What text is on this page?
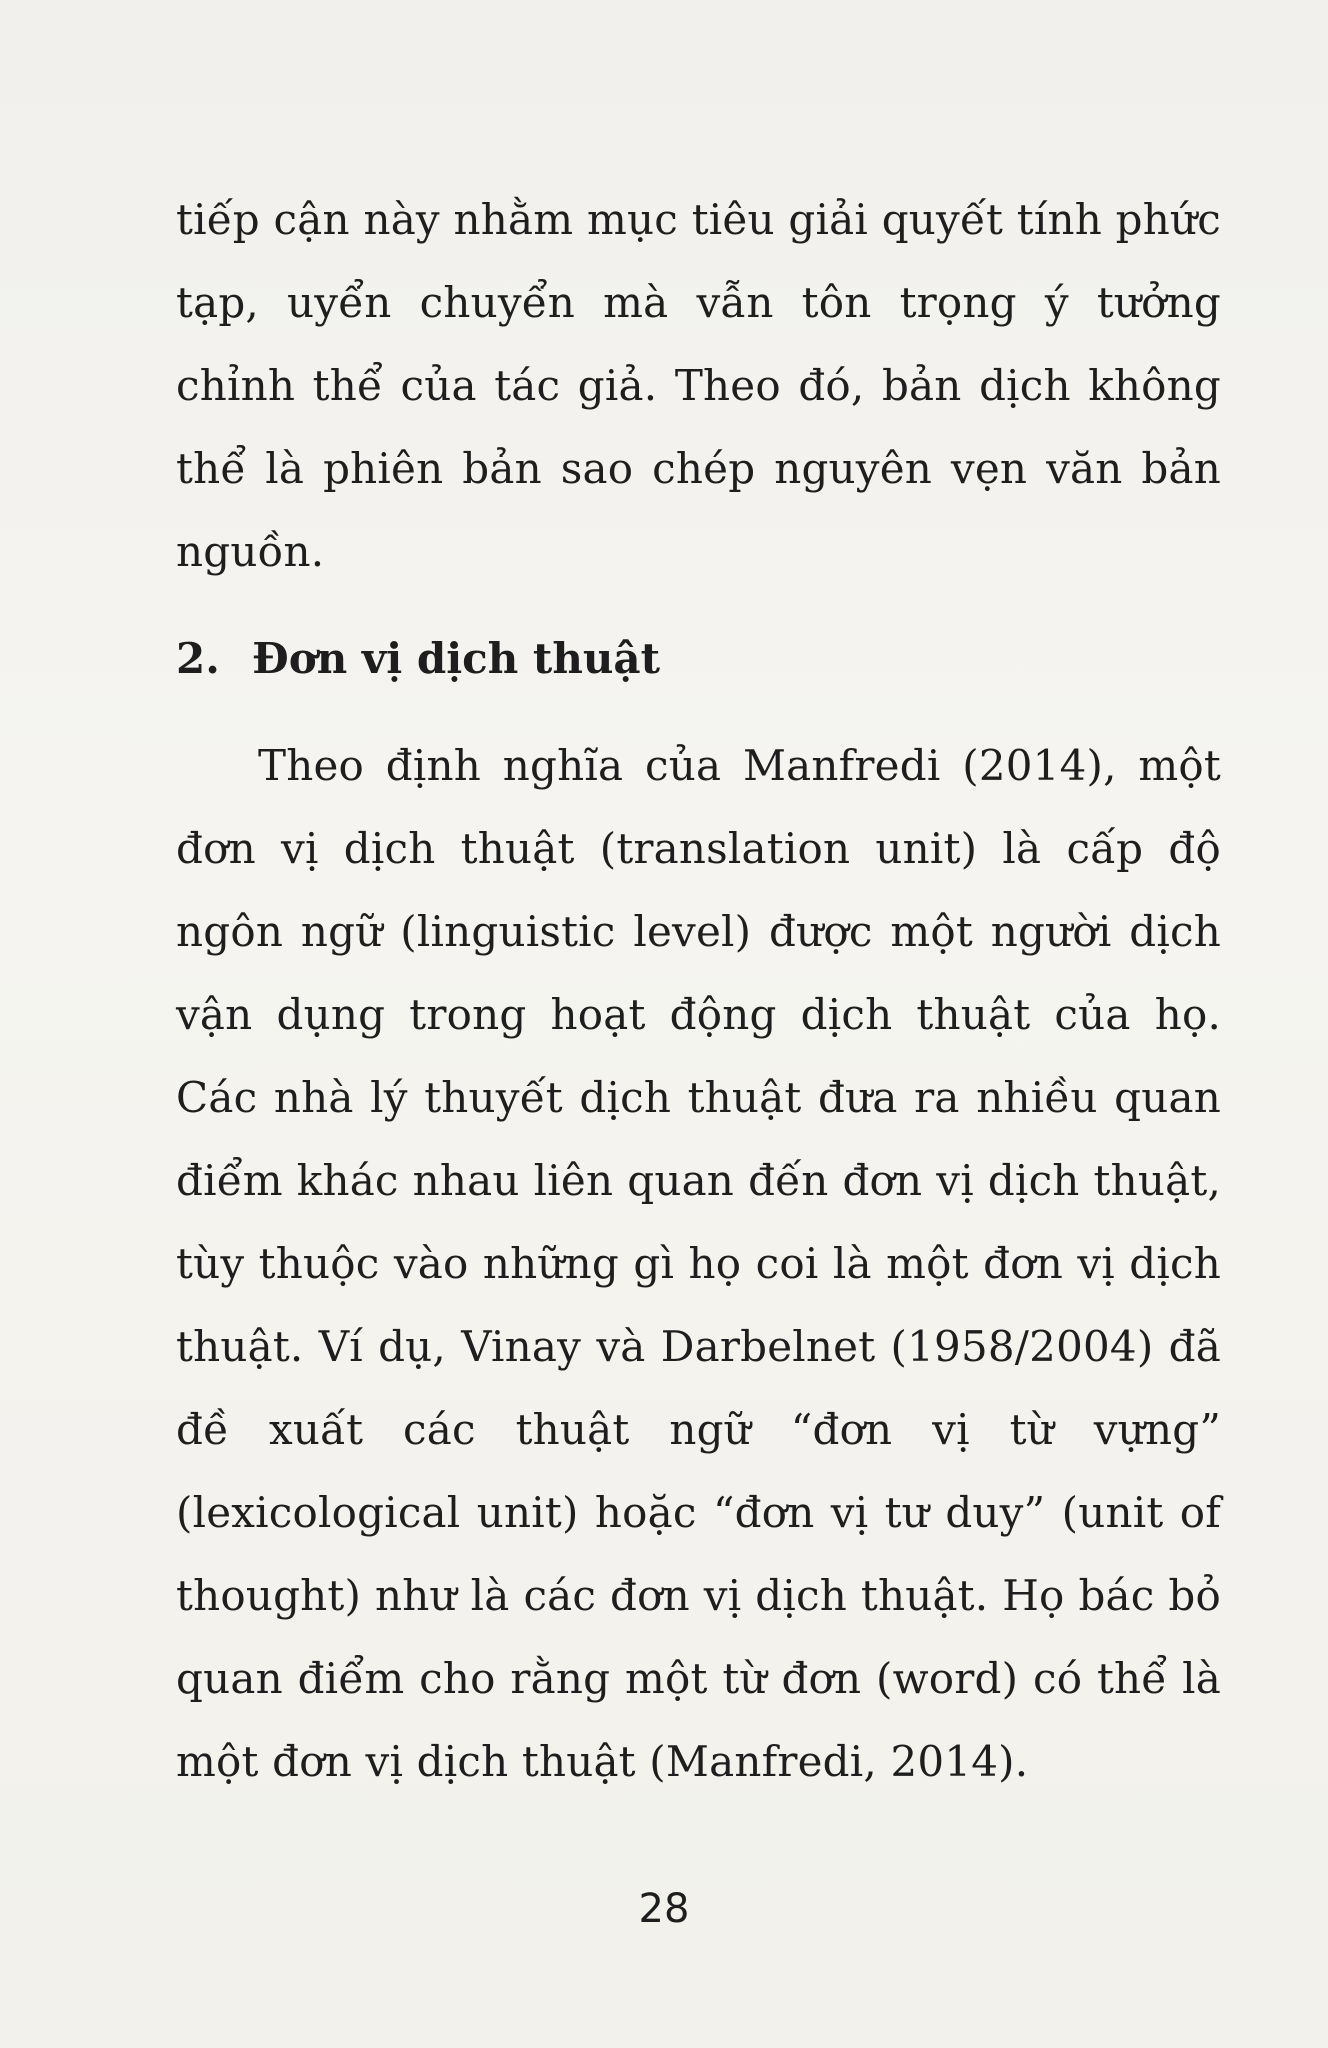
tiếp cận này nhằm mục tiêu giải quyết tính phức tạp, uyển chuyển mà vẫn tôn trọng ý tưởng chỉnh thể của tác giả. Theo đó, bản dịch không thể là phiên bản sao chép nguyên vẹn văn bản nguồn.

2. Đơn vị dịch thuật

Theo định nghĩa của Manfredi (2014), một đơn vị dịch thuật (translation unit) là cấp độ ngôn ngữ (linguistic level) được một người dịch vận dụng trong hoạt động dịch thuật của họ. Các nhà lý thuyết dịch thuật đưa ra nhiều quan điểm khác nhau liên quan đến đơn vị dịch thuật, tùy thuộc vào những gì họ coi là một đơn vị dịch thuật. Ví dụ, Vinay và Darbelnet (1958/2004) đã đề xuất các thuật ngữ “đơn vị từ vựng” (lexicological unit) hoặc “đơn vị tư duy” (unit of thought) như là các đơn vị dịch thuật. Họ bác bỏ quan điểm cho rằng một từ đơn (word) có thể là một đơn vị dịch thuật (Manfredi, 2014).

28
